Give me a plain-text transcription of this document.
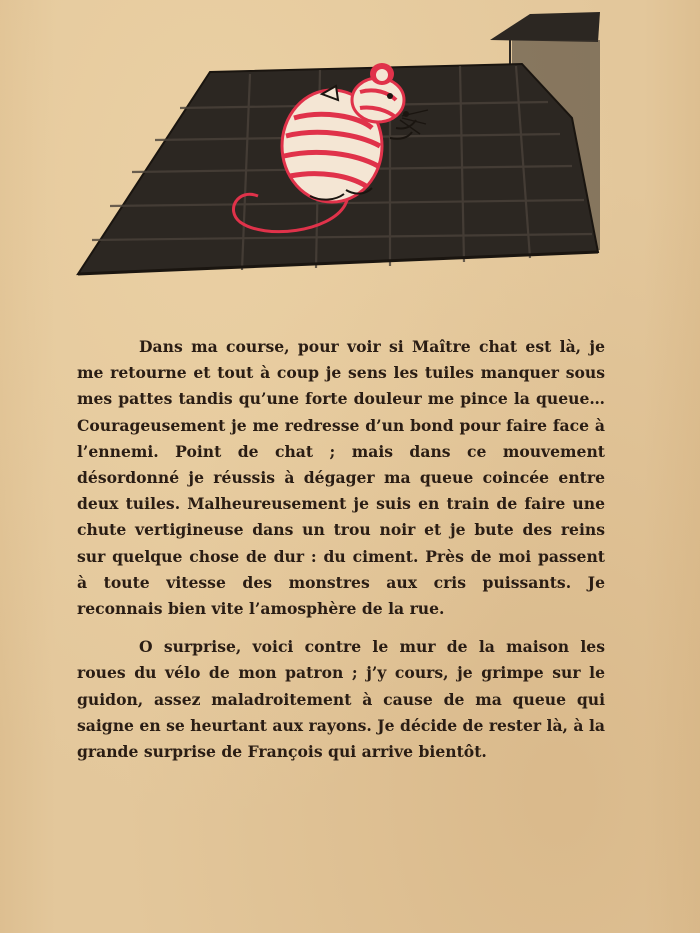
Dans ma course, pour voir si Maître chat est là, je me retourne et tout à coup je sens les tuiles manquer sous mes pattes tandis qu’une forte douleur me pince la queue… Courageusement je me redresse d’un bond pour faire face à l’ennemi. Point de chat ; mais dans ce mouvement désordonné je réussis à dégager ma queue coincée entre deux tuiles. Malheureusement je suis en train de faire une chute vertigineuse dans un trou noir et je bute des reins sur quelque chose de dur : du ciment. Près de moi passent à toute vitesse des monstres aux cris puissants. Je reconnais bien vite l’amosphère de la rue.

O surprise, voici contre le mur de la maison les roues du vélo de mon patron ; j’y cours, je grimpe sur le guidon, assez maladroitement à cause de ma queue qui saigne en se heurtant aux rayons. Je décide de rester là, à la grande surprise de François qui arrive bientôt.
